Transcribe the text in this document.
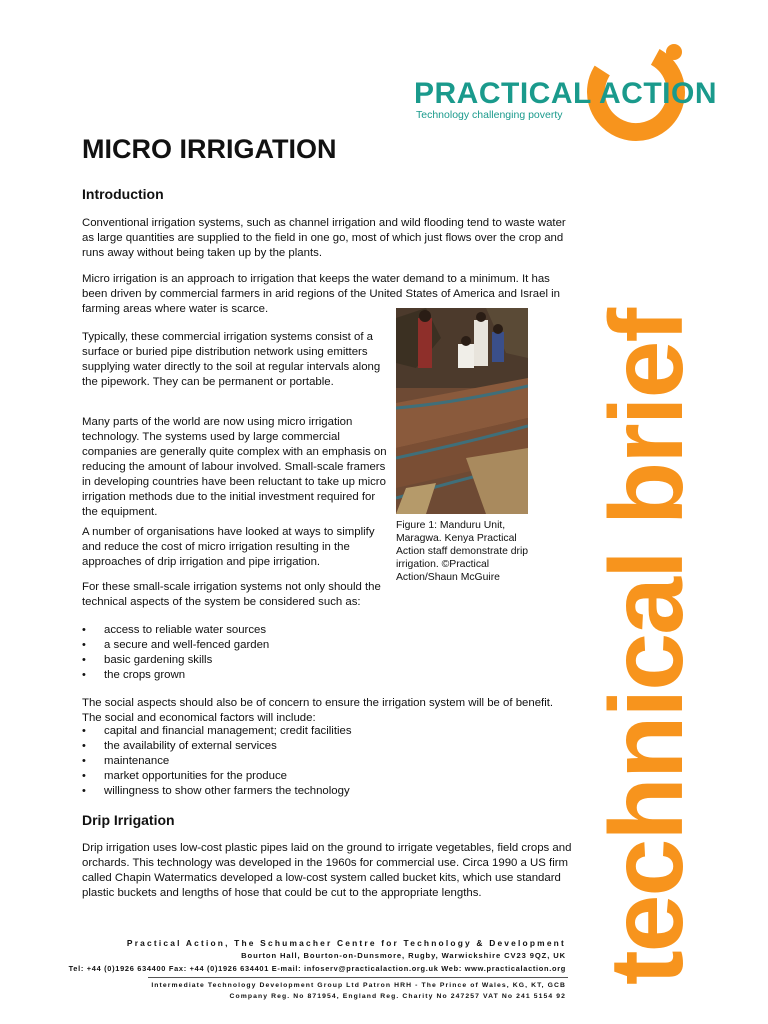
PRACTICAL ACTION
Technology challenging poverty
technical brief
MICRO IRRIGATION
Introduction

Conventional irrigation systems, such as channel irrigation and wild flooding tend to waste water as large quantities are supplied to the field in one go, most of which just flows over the crop and runs away without being taken up by the plants.

Micro irrigation is an approach to irrigation that keeps the water demand to a minimum. It has been driven by commercial farmers in arid regions of the United States of America and Israel in farming areas where water is scarce.

Typically, these commercial irrigation systems consist of a surface or buried pipe distribution network using emitters supplying water directly to the soil at regular intervals along the pipework. They can be permanent or portable.

Many parts of the world are now using micro irrigation technology. The systems used by large commercial companies are generally quite complex with an emphasis on reducing the amount of labour involved. Small-scale framers in developing countries have been reluctant to take up micro irrigation methods due to the initial investment required for the equipment.

A number of organisations have looked at ways to simplify and reduce the cost of micro irrigation resulting in the approaches of drip irrigation and pipe irrigation.

For these small-scale irrigation systems not only should the technical aspects of the system be considered such as:

• access to reliable water sources
• a secure and well-fenced garden
• basic gardening skills
• the crops grown

The social aspects should also be of concern to ensure the irrigation system will be of benefit. The social and economical factors will include:

• capital and financial management; credit facilities
• the availability of external services
• maintenance
• market opportunities for the produce
• willingness to show other farmers the technology
Drip Irrigation

Drip irrigation uses low-cost plastic pipes laid on the ground to irrigate vegetables, field crops and orchards. This technology was developed in the 1960s for commercial use. Circa 1990 a US firm called Chapin Watermatics developed a low-cost system called bucket kits, which use standard plastic buckets and lengths of hose that could be cut to the appropriate lengths.

Figure 1: Manduru Unit, Maragwa. Kenya Practical Action staff demonstrate drip irrigation. ©Practical Action/Shaun McGuire

Practical Action, The Schumacher Centre for Technology & Development
Bourton Hall, Bourton-on-Dunsmore, Rugby, Warwickshire CV23 9QZ, UK
Tel: +44 (0)1926 634400 Fax: +44 (0)1926 634401 E-mail: infoserv@practicalaction.org.uk Web: www.practicalaction.org
Intermediate Technology Development Group Ltd Patron HRH - The Prince of Wales, KG, KT, GCB
Company Reg. No 871954, England Reg. Charity No 247257 VAT No 241 5154 92
